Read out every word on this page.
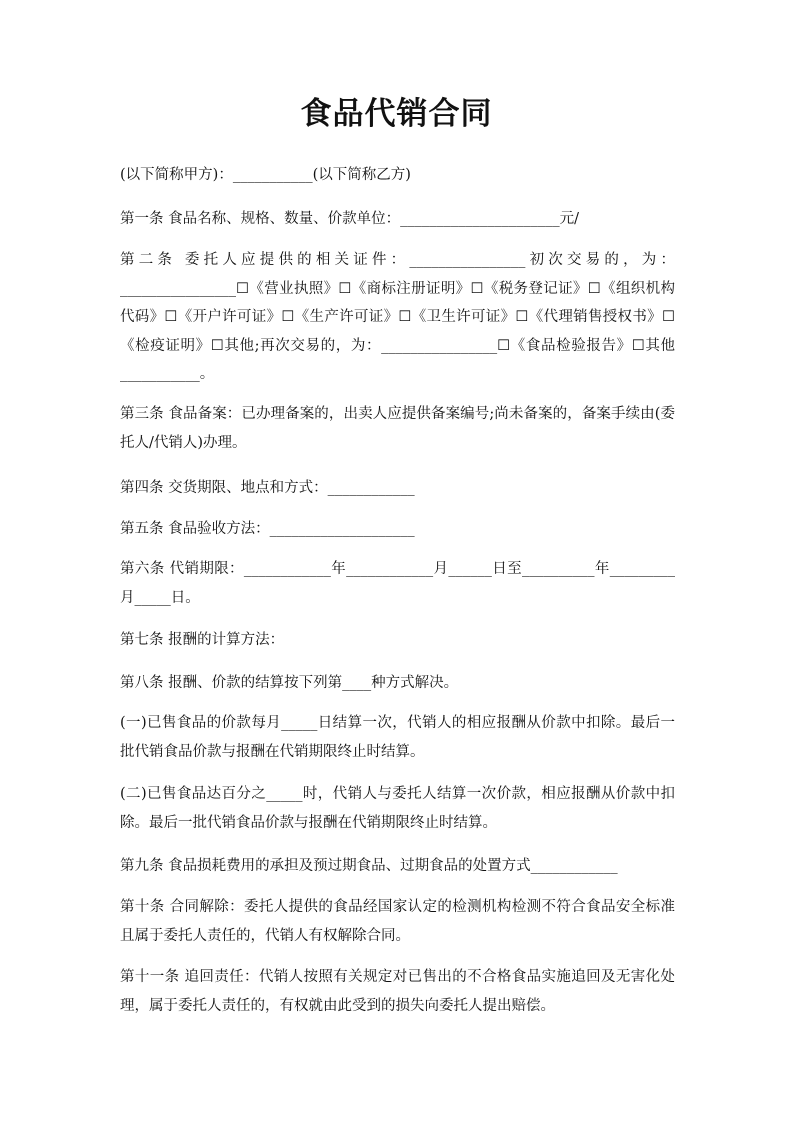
食品代销合同

(以下简称甲方)：___________(以下简称乙方)

第一条 食品名称、规格、数量、价款单位：______________________元/

第二条 委托人应提供的相关证件：________________初次交易的，为：________________☐《营业执照》☐《商标注册证明》☐《税务登记证》☐《组织机构代码》☐《开户许可证》☐《生产许可证》☐《卫生许可证》☐《代理销售授权书》☐《检疫证明》☐其他;再次交易的，为：________________☐《食品检验报告》☐其他___________。

第三条 食品备案：已办理备案的，出卖人应提供备案编号;尚未备案的，备案手续由(委托人/代销人)办理。

第四条 交货期限、地点和方式：____________

第五条 食品验收方法：____________________

第六条 代销期限：____________年____________月______日至__________年_________月_____日。

第七条 报酬的计算方法：

第八条 报酬、价款的结算按下列第____种方式解决。

(一)已售食品的价款每月_____日结算一次，代销人的相应报酬从价款中扣除。最后一批代销食品价款与报酬在代销期限终止时结算。

(二)已售食品达百分之_____时，代销人与委托人结算一次价款，相应报酬从价款中扣除。最后一批代销食品价款与报酬在代销期限终止时结算。

第九条 食品损耗费用的承担及预过期食品、过期食品的处置方式____________

第十条 合同解除：委托人提供的食品经国家认定的检测机构检测不符合食品安全标准且属于委托人责任的，代销人有权解除合同。

第十一条 追回责任：代销人按照有关规定对已售出的不合格食品实施追回及无害化处理，属于委托人责任的，有权就由此受到的损失向委托人提出赔偿。
